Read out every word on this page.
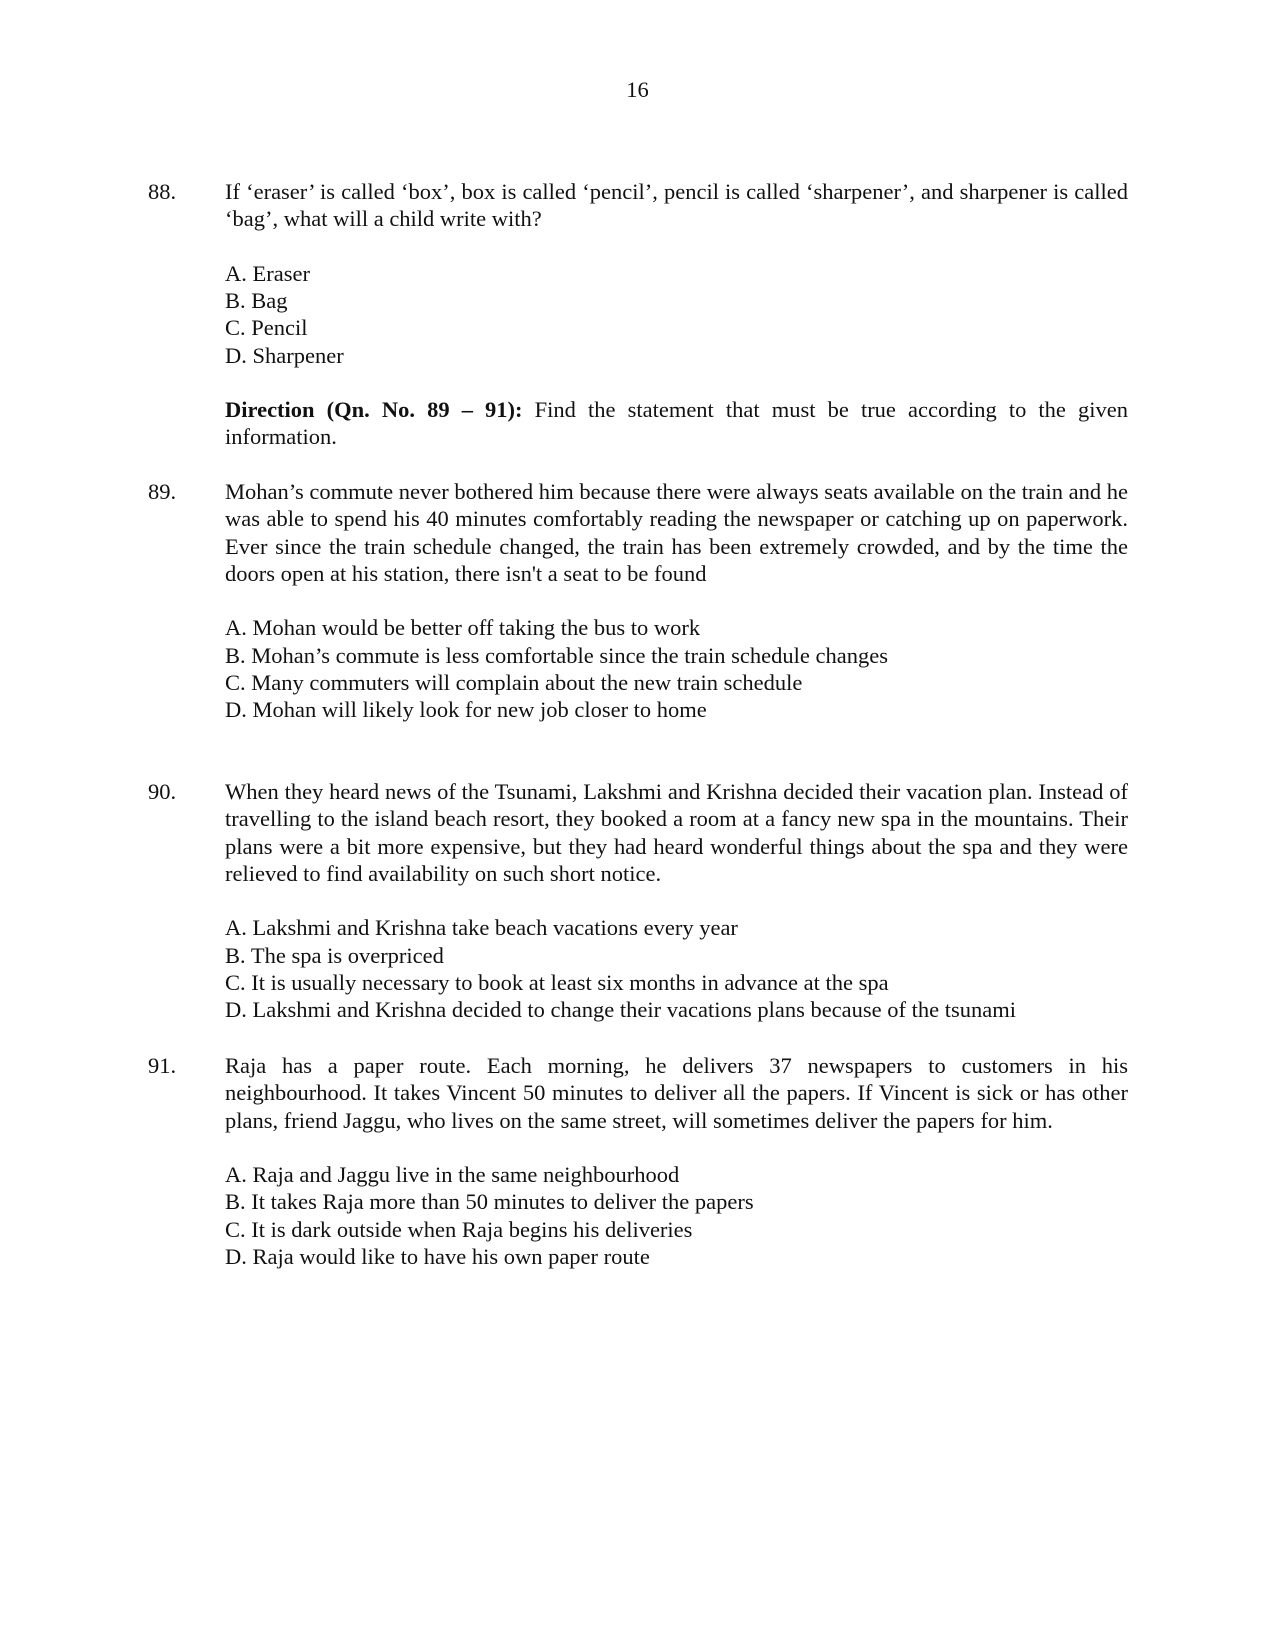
16
88. If ‘eraser’ is called ‘box’, box is called ‘pencil’, pencil is called ‘sharpener’, and sharpener is called ‘bag’, what will a child write with?

A. Eraser
B. Bag
C. Pencil
D. Sharpener

Direction (Qn. No. 89 – 91): Find the statement that must be true according to the given information.

89. Mohan’s commute never bothered him because there were always seats available on the train and he was able to spend his 40 minutes comfortably reading the newspaper or catching up on paperwork. Ever since the train schedule changed, the train has been extremely crowded, and by the time the doors open at his station, there isn't a seat to be found

A. Mohan would be better off taking the bus to work
B. Mohan’s commute is less comfortable since the train schedule changes
C. Many commuters will complain about the new train schedule
D. Mohan will likely look for new job closer to home
90. When they heard news of the Tsunami, Lakshmi and Krishna decided their vacation plan. Instead of travelling to the island beach resort, they booked a room at a fancy new spa in the mountains. Their plans were a bit more expensive, but they had heard wonderful things about the spa and they were relieved to find availability on such short notice.

A. Lakshmi and Krishna take beach vacations every year
B. The spa is overpriced
C. It is usually necessary to book at least six months in advance at the spa
D. Lakshmi and Krishna decided to change their vacations plans because of the tsunami
91. Raja has a paper route. Each morning, he delivers 37 newspapers to customers in his neighbourhood. It takes Vincent 50 minutes to deliver all the papers. If Vincent is sick or has other plans, friend Jaggu, who lives on the same street, will sometimes deliver the papers for him.

A. Raja and Jaggu live in the same neighbourhood
B. It takes Raja more than 50 minutes to deliver the papers
C. It is dark outside when Raja begins his deliveries
D. Raja would like to have his own paper route
